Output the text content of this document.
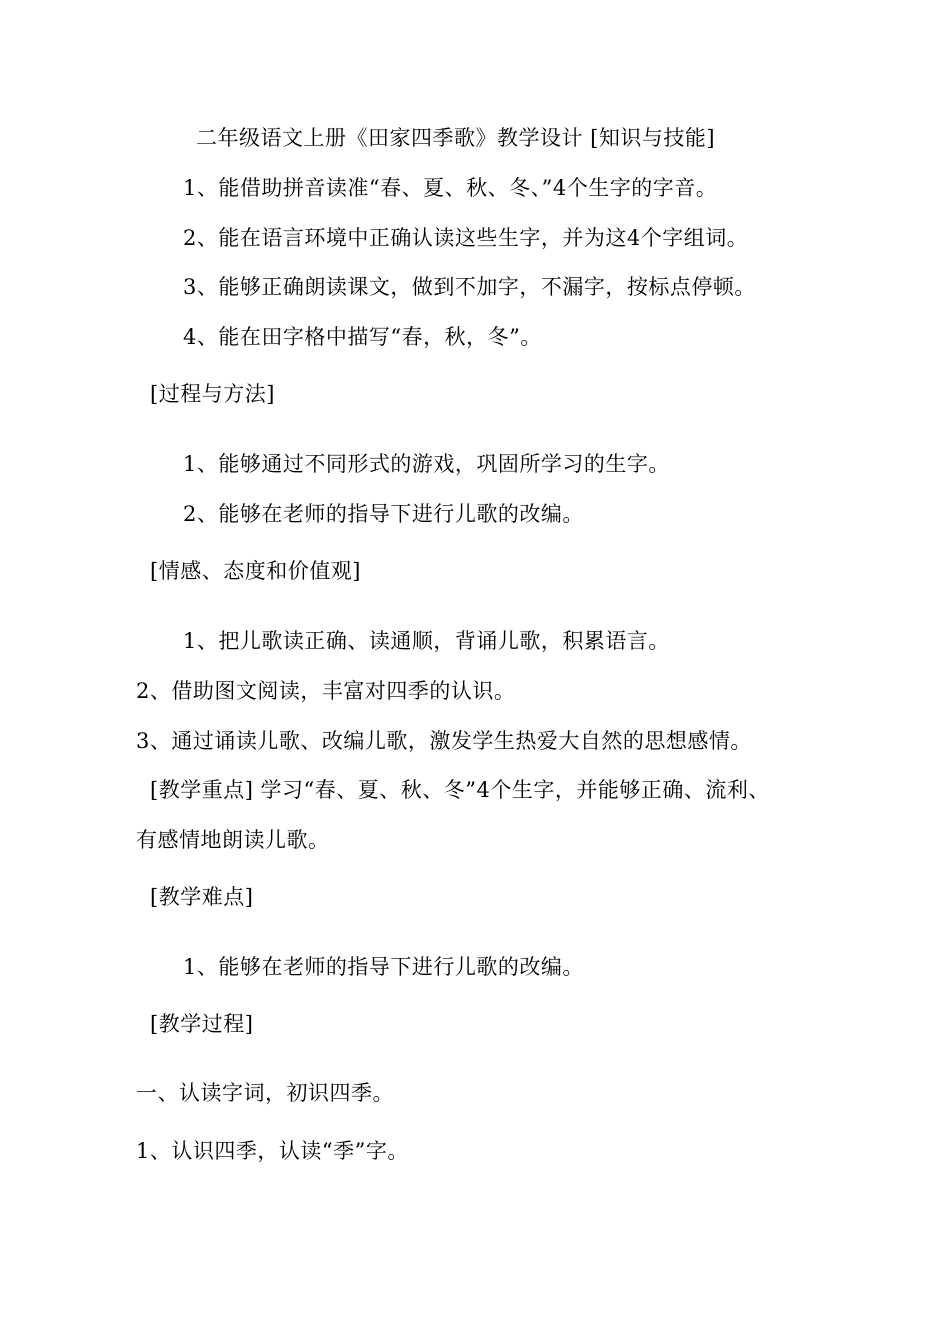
二年级语文上册《田家四季歌》教学设计 [知识与技能]
1、能借助拼音读准“春、夏、秋、冬、”4个生字的字音。
2、能在语言环境中正确认读这些生字，并为这4个字组词。
3、能够正确朗读课文，做到不加字，不漏字，按标点停顿。
4、能在田字格中描写“春，秋，冬”。
[过程与方法]
1、能够通过不同形式的游戏，巩固所学习的生字。
2、能够在老师的指导下进行儿歌的改编。
[情感、态度和价值观]
1、把儿歌读正确、读通顺，背诵儿歌，积累语言。
2、借助图文阅读，丰富对四季的认识。
3、通过诵读儿歌、改编儿歌，激发学生热爱大自然的思想感情。
[教学重点] 学习“春、夏、秋、冬”4个生字，并能够正确、流利、
有感情地朗读儿歌。
[教学难点]
1、能够在老师的指导下进行儿歌的改编。
[教学过程]
一、认读字词，初识四季。
1、认识四季，认读“季”字。
